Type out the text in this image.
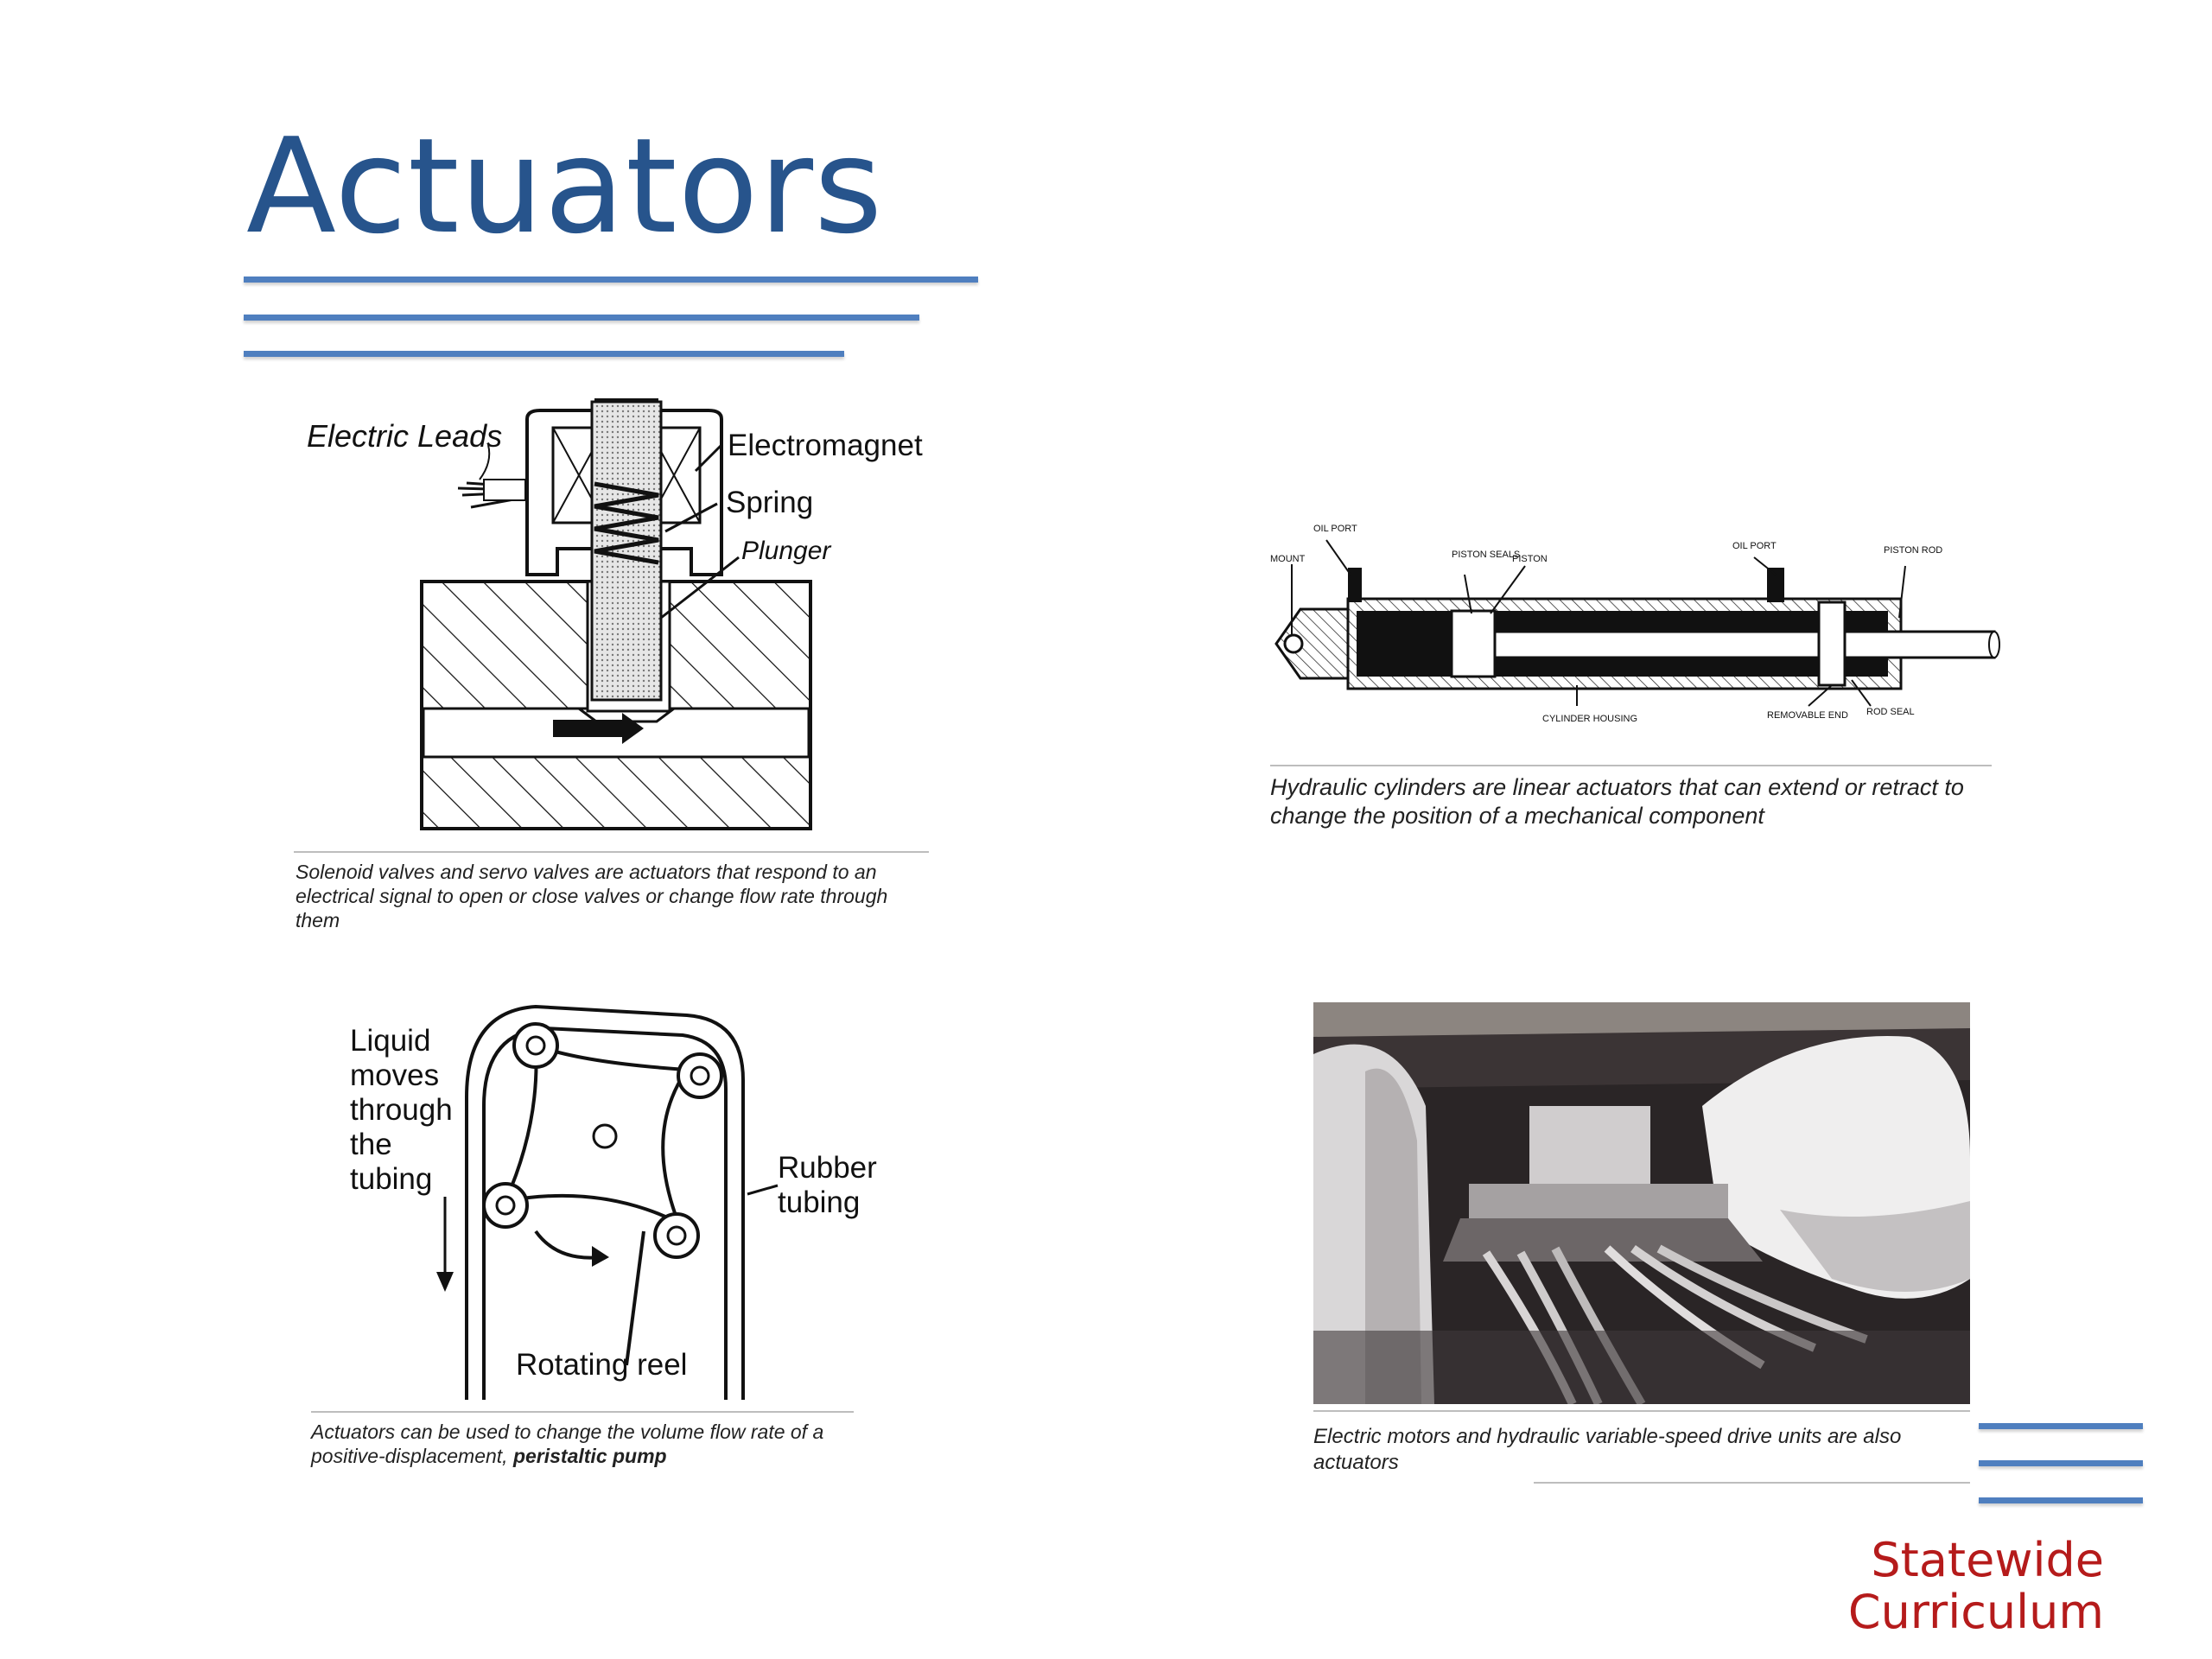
Actuators
Electric Leads	Electromagnet
Spring
Plunger
Solenoid valves and servo valves are actuators that respond to an electrical signal to open or close valves or change flow rate through them
OIL PORT
MOUNT	PISTON SEALS
PISTON
OIL PORT	PISTON ROD
CYLINDER HOUSING	REMOVABLE END ROD SEAL
Hydraulic cylinders are linear actuators that can extend or retract to change the position of a mechanical component
Liquid moves through the tubing	Rubber tubing
Rotating reel
Actuators can be used to change the volume flow rate of a positive-displacement, peristaltic pump
Electric motors and hydraulic variable-speed drive units are also actuators
Statewide
Curriculum
